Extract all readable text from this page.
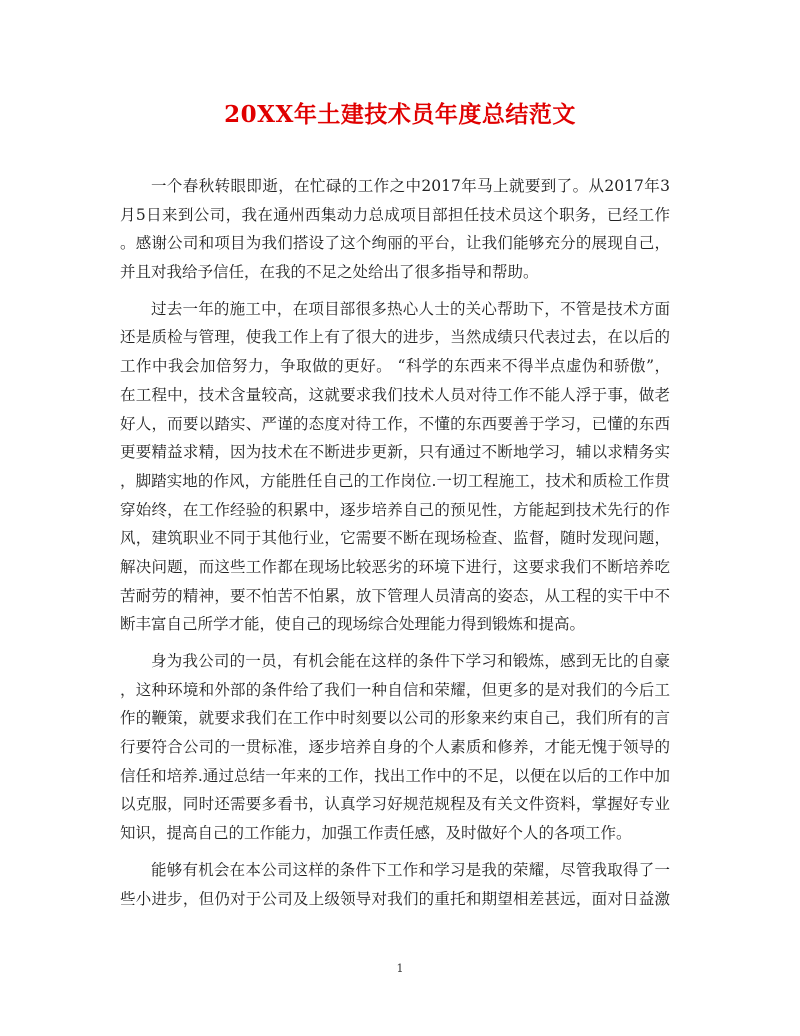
20XX年土建技术员年度总结范文
一个春秋转眼即逝，在忙碌的工作之中2017年马上就要到了。从2017年3
月5日来到公司，我在通州西集动力总成项目部担任技术员这个职务，已经工作
。感谢公司和项目为我们搭设了这个绚丽的平台，让我们能够充分的展现自己，
并且对我给予信任，在我的不足之处给出了很多指导和帮助。
过去一年的施工中，在项目部很多热心人士的关心帮助下，不管是技术方面
还是质检与管理，使我工作上有了很大的进步，当然成绩只代表过去，在以后的
工作中我会加倍努力，争取做的更好。 “科学的东西来不得半点虚伪和骄傲”，
在工程中，技术含量较高，这就要求我们技术人员对待工作不能人浮于事，做老
好人，而要以踏实、严谨的态度对待工作，不懂的东西要善于学习，已懂的东西
更要精益求精，因为技术在不断进步更新，只有通过不断地学习，辅以求精务实
，脚踏实地的作风，方能胜任自己的工作岗位.一切工程施工，技术和质检工作贯
穿始终，在工作经验的积累中，逐步培养自己的预见性，方能起到技术先行的作
风，建筑职业不同于其他行业，它需要不断在现场检查、监督，随时发现问题，
解决问题，而这些工作都在现场比较恶劣的环境下进行，这要求我们不断培养吃
苦耐劳的精神，要不怕苦不怕累，放下管理人员清高的姿态，从工程的实干中不
断丰富自己所学才能，使自己的现场综合处理能力得到锻炼和提高。
身为我公司的一员，有机会能在这样的条件下学习和锻炼，感到无比的自豪
，这种环境和外部的条件给了我们一种自信和荣耀，但更多的是对我们的今后工
作的鞭策，就要求我们在工作中时刻要以公司的形象来约束自己，我们所有的言
行要符合公司的一贯标准，逐步培养自身的个人素质和修养，才能无愧于领导的
信任和培养.通过总结一年来的工作，找出工作中的不足，以便在以后的工作中加
以克服，同时还需要多看书，认真学习好规范规程及有关文件资料，掌握好专业
知识，提高自己的工作能力，加强工作责任感，及时做好个人的各项工作。
能够有机会在本公司这样的条件下工作和学习是我的荣耀，尽管我取得了一
些小进步，但仍对于公司及上级领导对我们的重托和期望相差甚远，面对日益激
1
